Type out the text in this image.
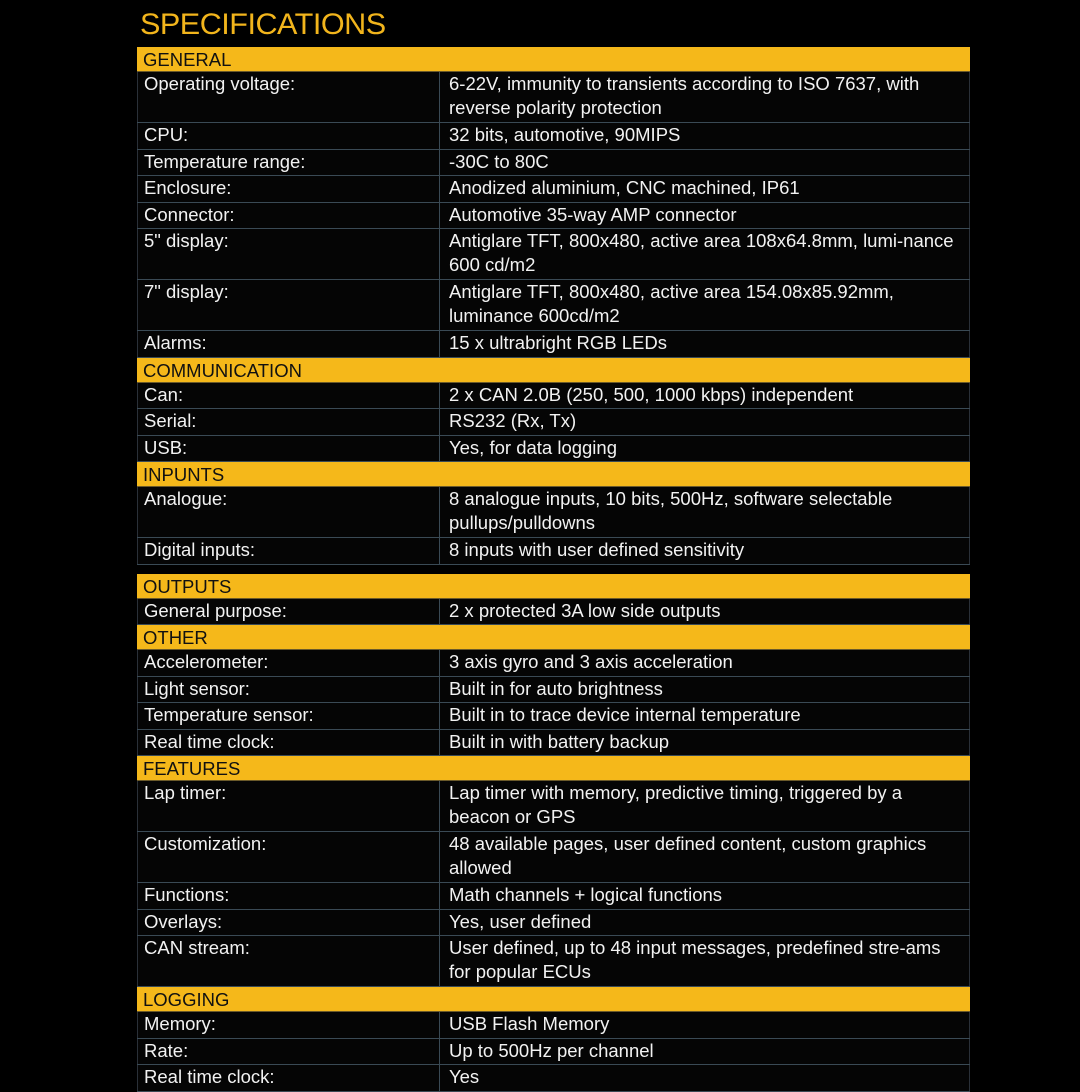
SPECIFICATIONS
GENERAL
Operating voltage:	6-22V, immunity to transients according to ISO 7637, with reverse polarity protection
CPU:	32 bits, automotive, 90MIPS
Temperature range:	-30C to 80C
Enclosure:	Anodized aluminium, CNC machined, IP61
Connector:	Automotive 35-way AMP connector
5" display:	Antiglare TFT, 800x480, active area 108x64.8mm, lumi-nance 600 cd/m2
7" display:	Antiglare TFT, 800x480, active area 154.08x85.92mm, luminance 600cd/m2
Alarms:	15 x ultrabright RGB LEDs
COMMUNICATION
Can:	2 x CAN 2.0B (250, 500, 1000 kbps) independent
Serial:	RS232 (Rx, Tx)
USB:	Yes, for data logging
INPUNTS
Analogue:	8 analogue inputs, 10 bits, 500Hz, software selectable pullups/pulldowns
Digital inputs:	8 inputs with user defined sensitivity
OUTPUTS
General purpose:	2 x protected 3A low side outputs
OTHER
Accelerometer:	3 axis gyro and 3 axis acceleration
Light sensor:	Built in for auto brightness
Temperature sensor:	Built in to trace device internal temperature
Real time clock:	Built in with battery backup
FEATURES
Lap timer:	Lap timer with memory, predictive timing, triggered by a beacon or GPS
Customization:	48 available pages, user defined content, custom graphics allowed
Functions:	Math channels + logical functions
Overlays:	Yes, user defined
CAN stream:	User defined, up to 48 input messages, predefined stre-ams for popular ECUs
LOGGING
Memory:	USB Flash Memory
Rate:	Up to 500Hz per channel
Real time clock:	Yes
